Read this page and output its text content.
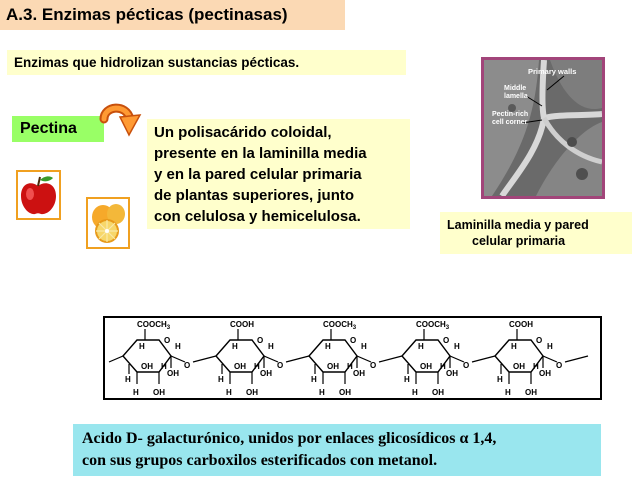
A.3. Enzimas pécticas (pectinasas)
Enzimas que hidrolizan sustancias pécticas.
Pectina	Un polisacárido coloidal,
presente en la laminilla media
y en la pared celular primaria
de plantas superiores, junto
con celulosa y hemicelulosa.
Primary walls
Middle
lamella
Pectin-rich
cell corner
Laminilla media y pared
celular primaria
O
$COOCH_3$
H
OH H
H
OH
H OH
H
O
O
COOH
H
OH H
H
OH
H OH
H
O
O
$COOCH_3$
H
OH H
H
OH
H OH
H
O
O
$COOCH_3$
H
OH H
H
OH
H OH
H
O
O
COOH
H
OH H
H
OH
H OH
H
O
Acido D- galacturónico, unidos por enlaces glicosídicos α 1,4,
con sus grupos carboxilos esterificados con metanol.
